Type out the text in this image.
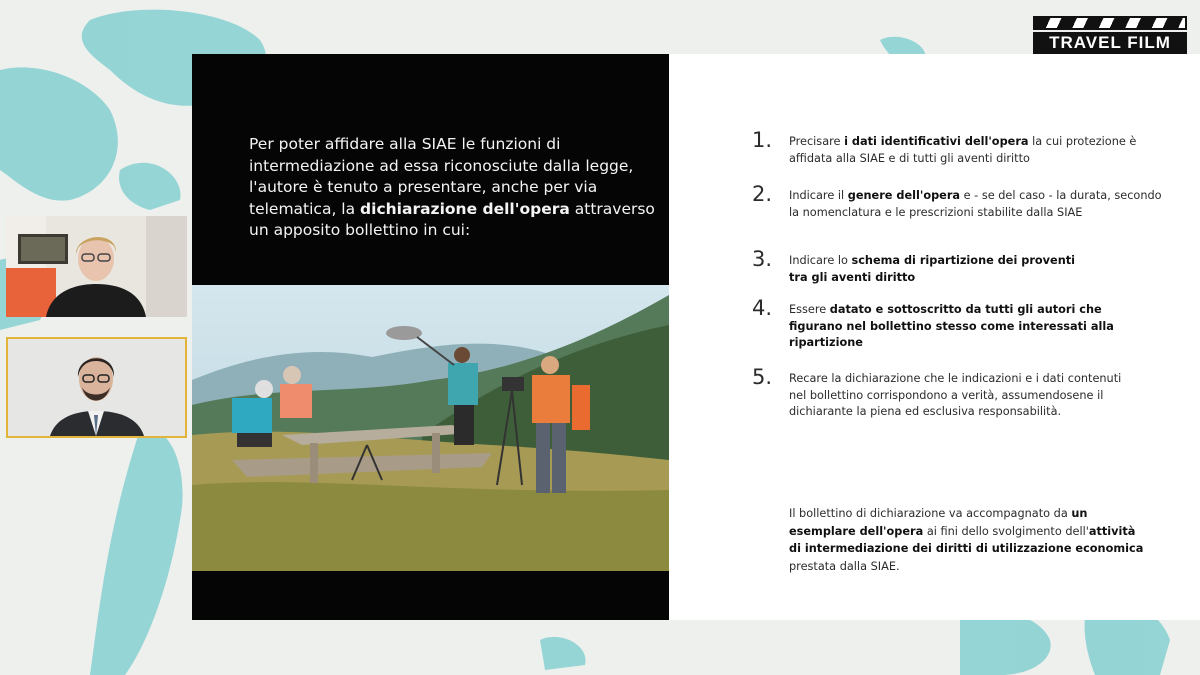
TRAVEL FILM

Per poter affidare alla SIAE le funzioni di intermediazione ad essa riconosciute dalla legge, l'autore è tenuto a presentare, anche per via telematica, la dichiarazione dell'opera attraverso un apposito bollettino in cui:

1.	Precisare i dati identificativi dell'opera la cui protezione è affidata alla SIAE e di tutti gli aventi diritto

2.	Indicare il genere dell'opera e - se del caso - la durata, secondo la nomenclatura e le prescrizioni stabilite dalla SIAE

3.	Indicare lo schema di ripartizione dei proventi tra gli aventi diritto

4.	Essere datato e sottoscritto da tutti gli autori che figurano nel bollettino stesso come interessati alla ripartizione

5.	Recare la dichiarazione che le indicazioni e i dati contenuti nel bollettino corrispondono a verità, assumendosene il dichiarante la piena ed esclusiva responsabilità.

Il bollettino di dichiarazione va accompagnato da un esemplare dell'opera ai fini dello svolgimento dell'attività di intermediazione dei diritti di utilizzazione economica prestata dalla SIAE.
